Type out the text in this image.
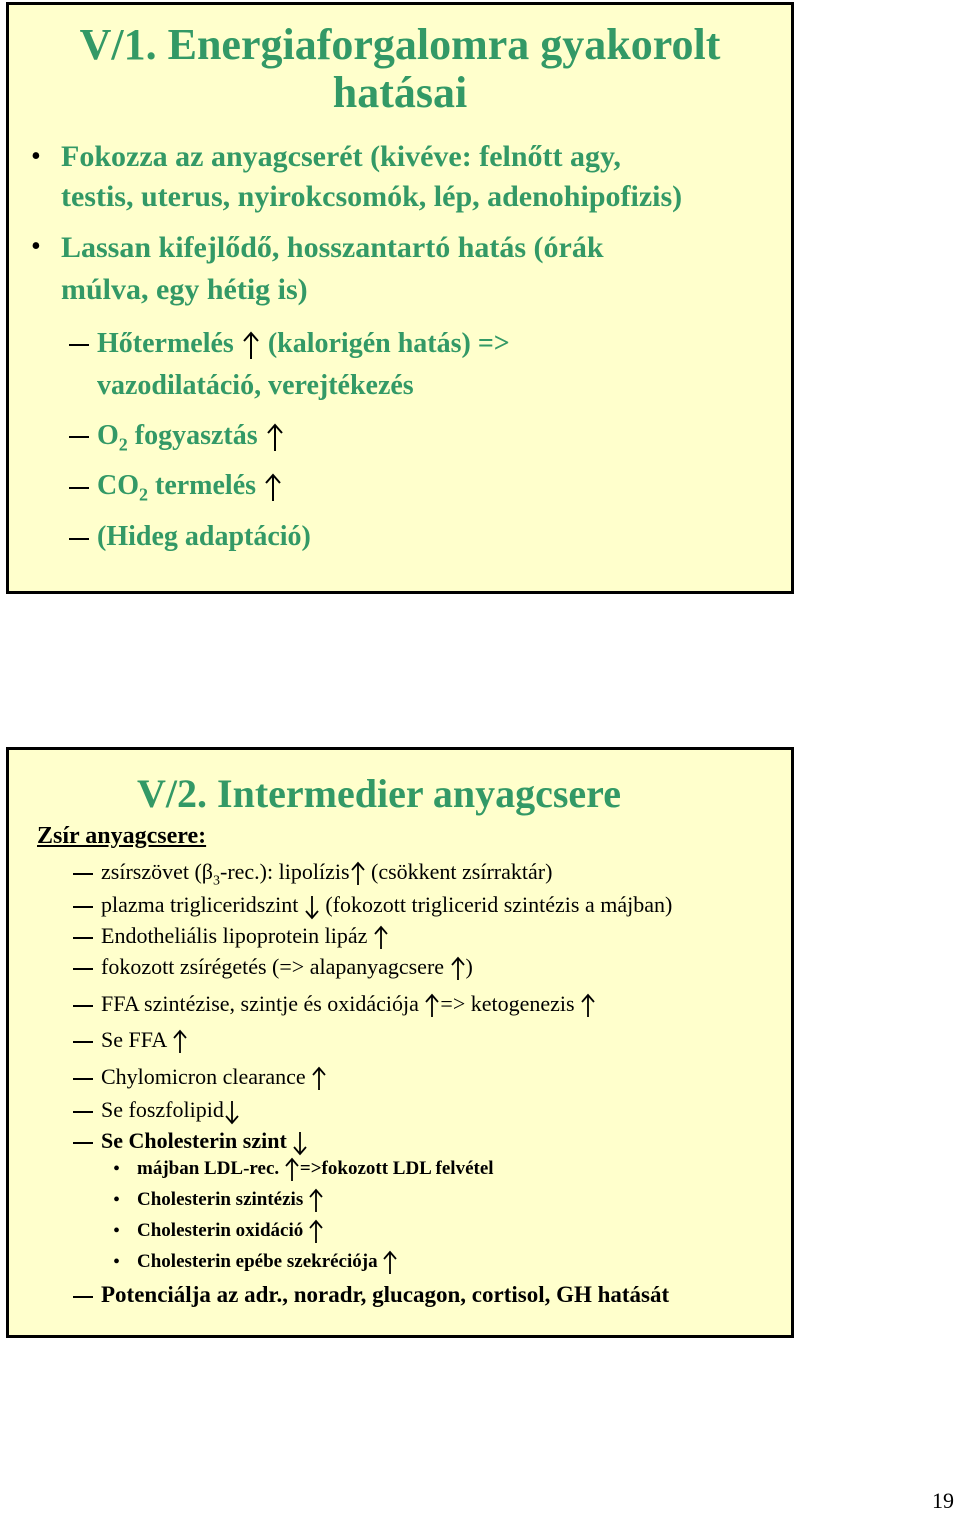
V/1. Energiaforgalomra gyakorolt
hatásai
• Fokozza az anyagcserét (kivéve: felnőtt agy,
testis, uterus, nyirokcsomók, lép, adenohipofizis)
• Lassan kifejlődő, hosszantartó hatás (órák
múlva, egy hétig is)
Hőtermelés (kalorigén hatás) =>
vazodilatáció, verejtékezés
$O_2$ fogyasztás
$CO_2$ termelés
(Hideg adaptáció)
V/2. Intermedier anyagcsere
Zsír anyagcsere:
zsírszövet $(\beta_3-rec.)$: lipolízis (csökkent zsírraktár)
plazma trigliceridszint (fokozott triglicerid szintézis a májban)
Endotheliális lipoprotein lipáz
fokozott zsírégetés (=> alapanyagcsere )
FFA szintézise, szintje és oxidációja => ketogenezis
Se FFA
Chylomicron clearance
Se foszfolipid
Se Cholesterin szint
• májban LDL-rec. =>fokozott LDL felvétel
• Cholesterin szintézis
• Cholesterin oxidáció
• Cholesterin epébe szekréciója
Potenciálja az adr., noradr, glucagon, cortisol, GH hatását
19
